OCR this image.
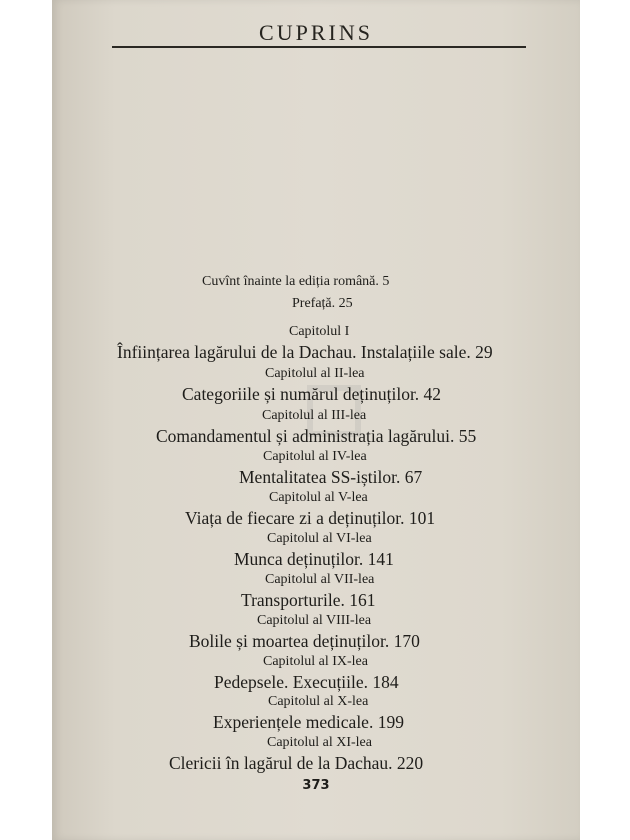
CUPRINS
Cuvînt înainte la ediția română. 5
Prefață. 25
Capitolul I
Înființarea lagărului de la Dachau. Instalațiile sale. 29
Capitolul al II-lea
Categoriile și numărul deținuților. 42
Capitolul al III-lea
Comandamentul și administrația lagărului. 55
Capitolul al IV-lea
Mentalitatea SS-iștilor. 67
Capitolul al V-lea
Viața de fiecare zi a deținuților. 101
Capitolul al VI-lea
Munca deținuților. 141
Capitolul al VII-lea
Transporturile. 161
Capitolul al VIII-lea
Bolile și moartea deținuților. 170
Capitolul al IX-lea
Pedepsele. Execuțiile. 184
Capitolul al X-lea
Experiențele medicale. 199
Capitolul al XI-lea
Clericii în lagărul de la Dachau. 220
373
